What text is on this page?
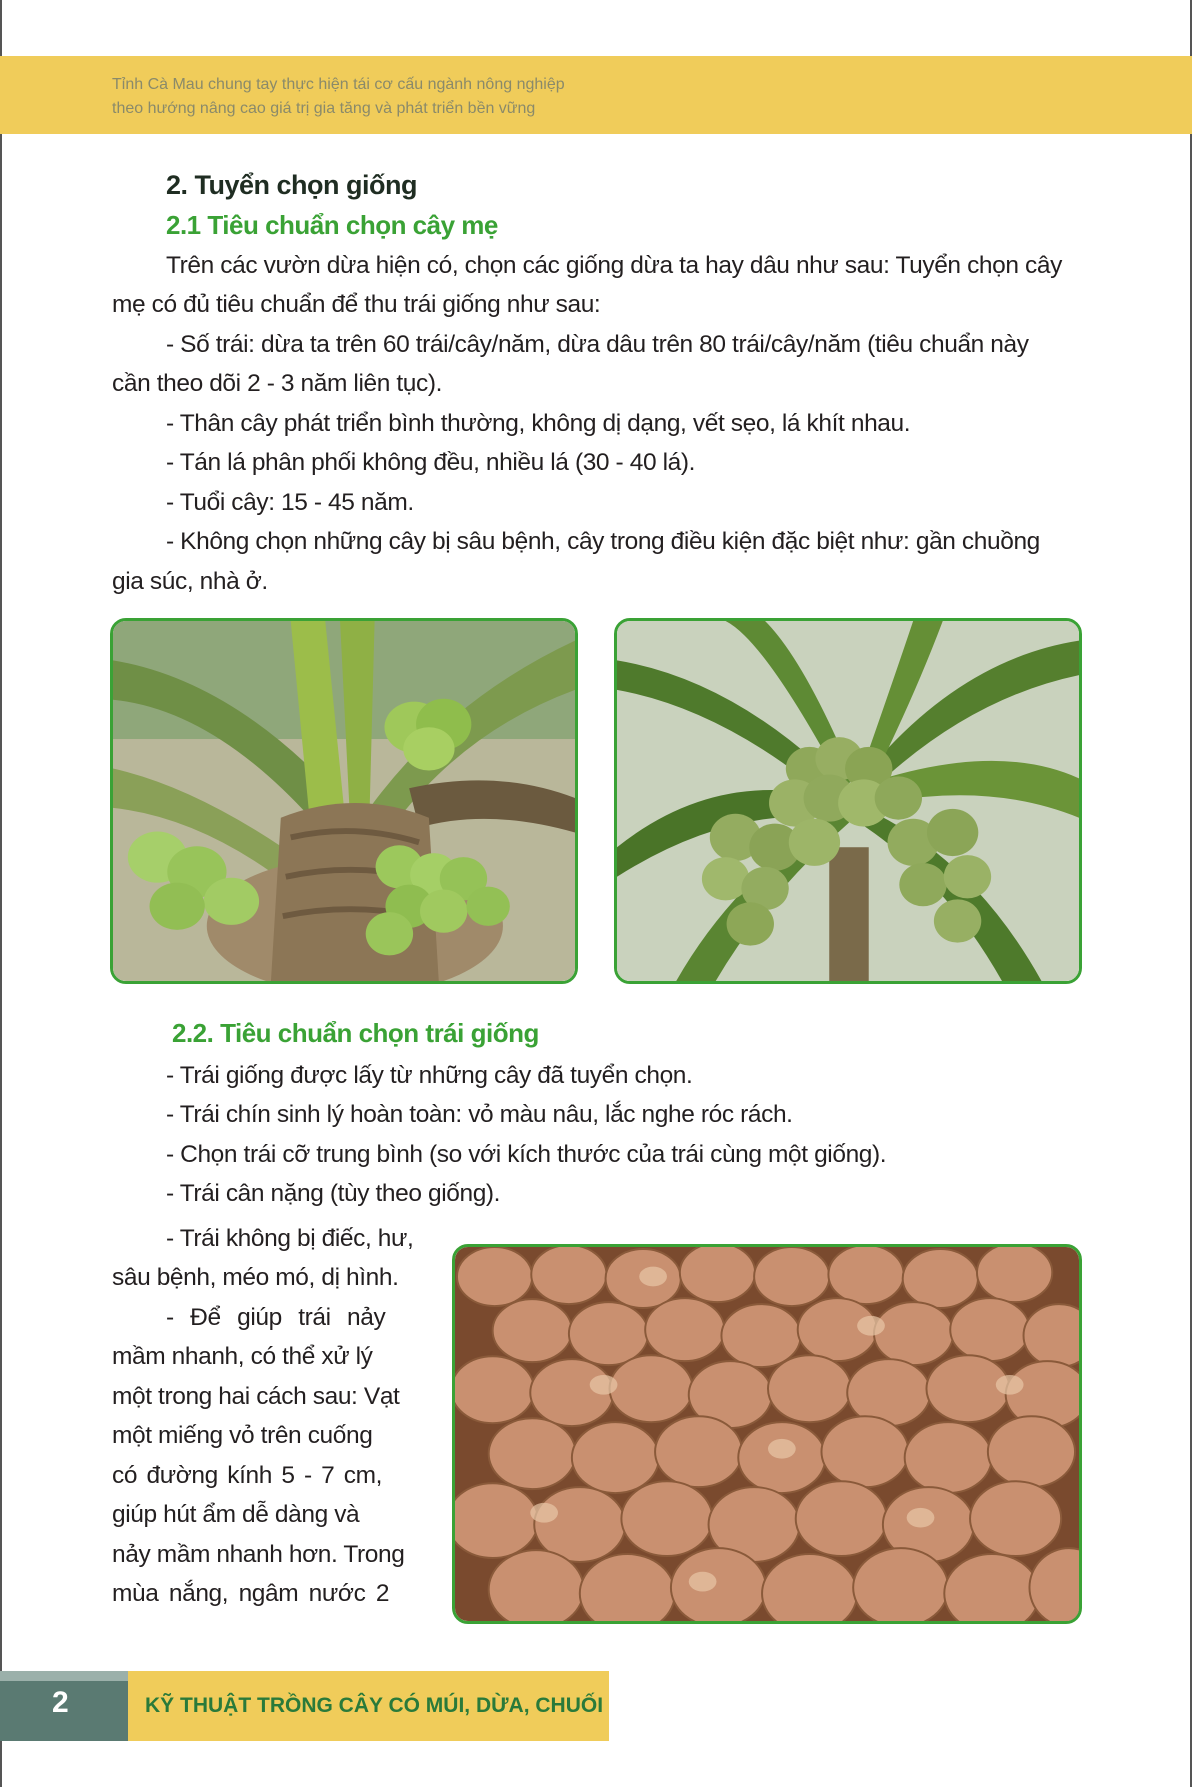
Tỉnh Cà Mau chung tay thực hiện tái cơ cấu ngành nông nghiệp
theo hướng nâng cao giá trị gia tăng và phát triển bền vững
2. Tuyển chọn giống
2.1 Tiêu chuẩn chọn cây mẹ
Trên các vườn dừa hiện có, chọn các giống dừa ta hay dâu như sau: Tuyển chọn cây
mẹ có đủ tiêu chuẩn để thu trái giống như sau:
- Số trái: dừa ta trên 60 trái/cây/năm, dừa dâu trên 80 trái/cây/năm (tiêu chuẩn này
cần theo dõi 2 - 3 năm liên tục).
- Thân cây phát triển bình thường, không dị dạng, vết sẹo, lá khít nhau.
- Tán lá phân phối không đều, nhiều lá (30 - 40 lá).
- Tuổi cây: 15 - 45 năm.
- Không chọn những cây bị sâu bệnh, cây trong điều kiện đặc biệt như: gần chuồng
gia súc, nhà ở.
2.2. Tiêu chuẩn chọn trái giống
- Trái giống được lấy từ những cây đã tuyển chọn.
- Trái chín sinh lý hoàn toàn: vỏ màu nâu, lắc nghe róc rách.
- Chọn trái cỡ trung bình (so với kích thước của trái cùng một giống).
- Trái cân nặng (tùy theo giống).
- Trái không bị điếc, hư,
sâu bệnh, méo mó, dị hình.
- Để giúp trái nảy
mầm nhanh, có thể xử lý
một trong hai cách sau: Vạt
một miếng vỏ trên cuống
có đường kính 5 - 7 cm,
giúp hút ẩm dễ dàng và
nảy mầm nhanh hơn. Trong
mùa nắng, ngâm nước 2
2	KỸ THUẬT TRỒNG CÂY CÓ MÚI, DỪA, CHUỐI
